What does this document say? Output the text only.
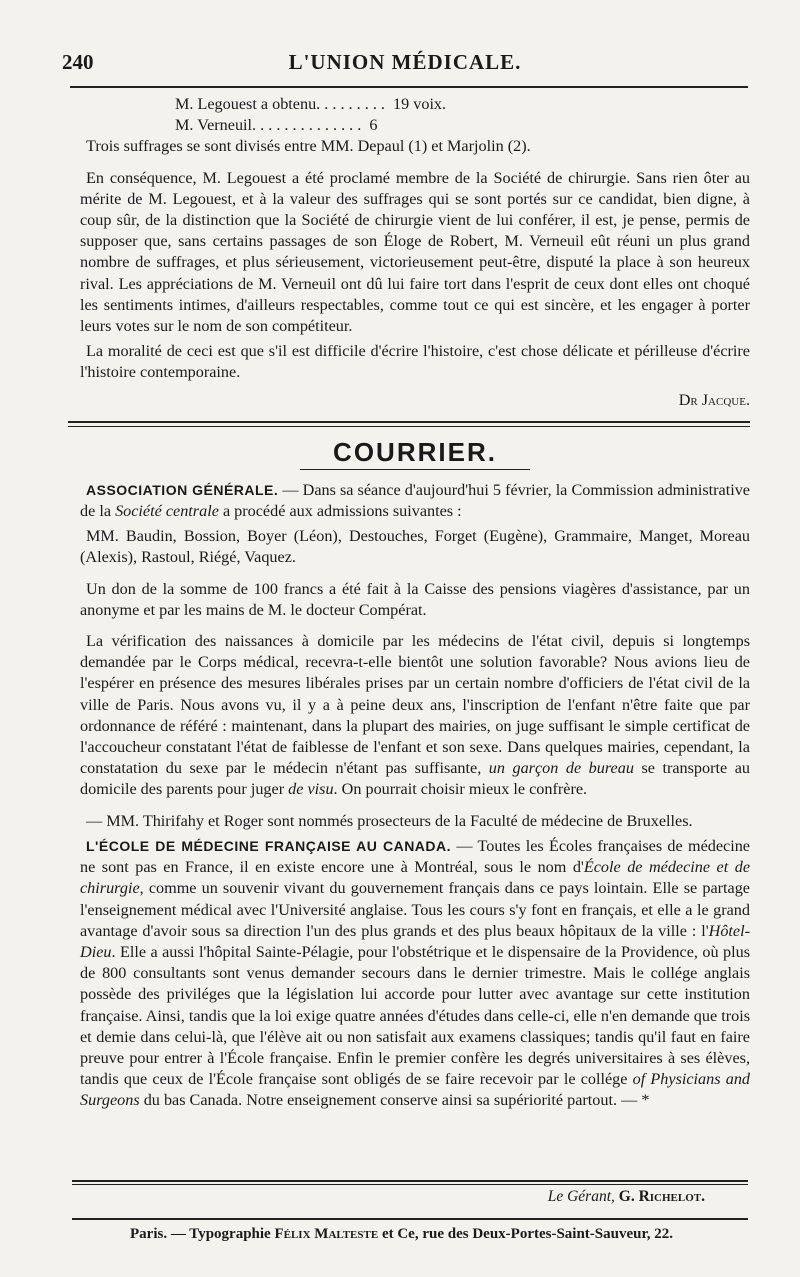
240	L'UNION MÉDICALE.

M. Legouest a obtenu. . . . . . . . . 19 voix.

M. Verneuil. . . . . . . . . . . . . . 6

Trois suffrages se sont divisés entre MM. Depaul (1) et Marjolin (2).

En conséquence, M. Legouest a été proclamé membre de la Société de chirurgie. Sans rien ôter au mérite de M. Legouest, et à la valeur des suffrages qui se sont portés sur ce candidat, bien digne, à coup sûr, de la distinction que la Société de chirurgie vient de lui conférer, il est, je pense, permis de supposer que, sans certains passages de son Éloge de Robert, M. Verneuil eût réuni un plus grand nombre de suffrages, et plus sérieusement, victorieusement peut-être, disputé la place à son heureux rival. Les appréciations de M. Verneuil ont dû lui faire tort dans l'esprit de ceux dont elles ont choqué les sentiments intimes, d'ailleurs respectables, comme tout ce qui est sincère, et les engager à porter leurs votes sur le nom de son compétiteur.

La moralité de ceci est que s'il est difficile d'écrire l'histoire, c'est chose délicate et périlleuse d'écrire l'histoire contemporaine.

Dr Jacque.

COURRIER.

ASSOCIATION GÉNÉRALE. — Dans sa séance d'aujourd'hui 5 février, la Commission administrative de la Société centrale a procédé aux admissions suivantes :

MM. Baudin, Bossion, Boyer (Léon), Destouches, Forget (Eugène), Grammaire, Manget, Moreau (Alexis), Rastoul, Riégé, Vaquez.

Un don de la somme de 100 francs a été fait à la Caisse des pensions viagères d'assistance, par un anonyme et par les mains de M. le docteur Compérat.

La vérification des naissances à domicile par les médecins de l'état civil, depuis si longtemps demandée par le Corps médical, recevra-t-elle bientôt une solution favorable? Nous avions lieu de l'espérer en présence des mesures libérales prises par un certain nombre d'officiers de l'état civil de la ville de Paris. Nous avons vu, il y a à peine deux ans, l'inscription de l'enfant n'être faite que par ordonnance de référé : maintenant, dans la plupart des mairies, on juge suffisant le simple certificat de l'accoucheur constatant l'état de faiblesse de l'enfant et son sexe. Dans quelques mairies, cependant, la constatation du sexe par le médecin n'étant pas suffisante, un garçon de bureau se transporte au domicile des parents pour juger de visu. On pourrait choisir mieux le confrère.

— MM. Thirifahy et Roger sont nommés prosecteurs de la Faculté de médecine de Bruxelles.

L'ÉCOLE DE MÉDECINE FRANÇAISE AU CANADA. — Toutes les Écoles françaises de médecine ne sont pas en France, il en existe encore une à Montréal, sous le nom d'École de médecine et de chirurgie, comme un souvenir vivant du gouvernement français dans ce pays lointain. Elle se partage l'enseignement médical avec l'Université anglaise. Tous les cours s'y font en français, et elle a le grand avantage d'avoir sous sa direction l'un des plus grands et des plus beaux hôpitaux de la ville : l'Hôtel-Dieu. Elle a aussi l'hôpital Sainte-Pélagie, pour l'obstétrique et le dispensaire de la Providence, où plus de 800 consultants sont venus demander secours dans le dernier trimestre. Mais le collége anglais possède des priviléges que la législation lui accorde pour lutter avec avantage sur cette institution française. Ainsi, tandis que la loi exige quatre années d'études dans celle-ci, elle n'en demande que trois et demie dans celui-là, que l'élève ait ou non satisfait aux examens classiques; tandis qu'il faut en faire preuve pour entrer à l'École française. Enfin le premier confère les degrés universitaires à ses élèves, tandis que ceux de l'École française sont obligés de se faire recevoir par le collége of Physicians and Surgeons du bas Canada. Notre enseignement conserve ainsi sa supériorité partout. — *

Le Gérant, G. Richelot.
Paris. — Typographie Félix Malteste et Ce, rue des Deux-Portes-Saint-Sauveur, 22.
